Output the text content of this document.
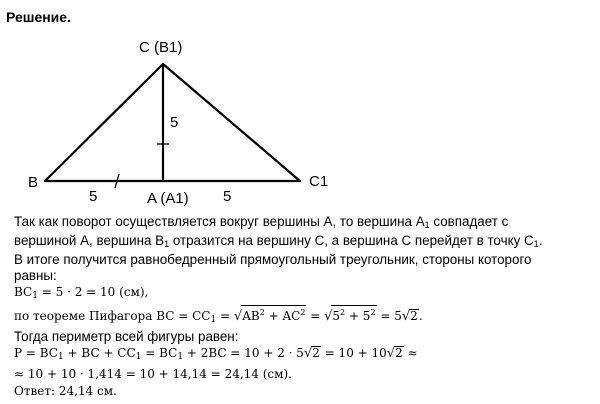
Решение.
C (B1)
B
A (A1)
C1
5
5	5
Так как поворот осуществляется вокруг вершины А, то вершина $А_1$ совпадает с
вершиной А, вершина $В_1$ отразится на вершину С, а вершина С перейдет в точку $С_1$.
В итоге получится равнобедренный прямоугольный треугольник, стороны которого
равны:
$BC_1 = 5 \cdot 2 = 10$ (см),
по теореме Пифагора BC = $CC_1 = √AB^2 + AC^2 = √5^2 + 5^2 = 5√2$.
Тогда периметр всей фигуры равен:
$P = BC_1$ + BC + $CC_1 = BC_1 + 2BC = 10 + 2 \cdot 5√2 = 10 + 10√2$ ≈
≈ 10 + 10 · 1,414 = 10 + 14,14 = 24,14 (см).
Ответ: 24,14 см.
